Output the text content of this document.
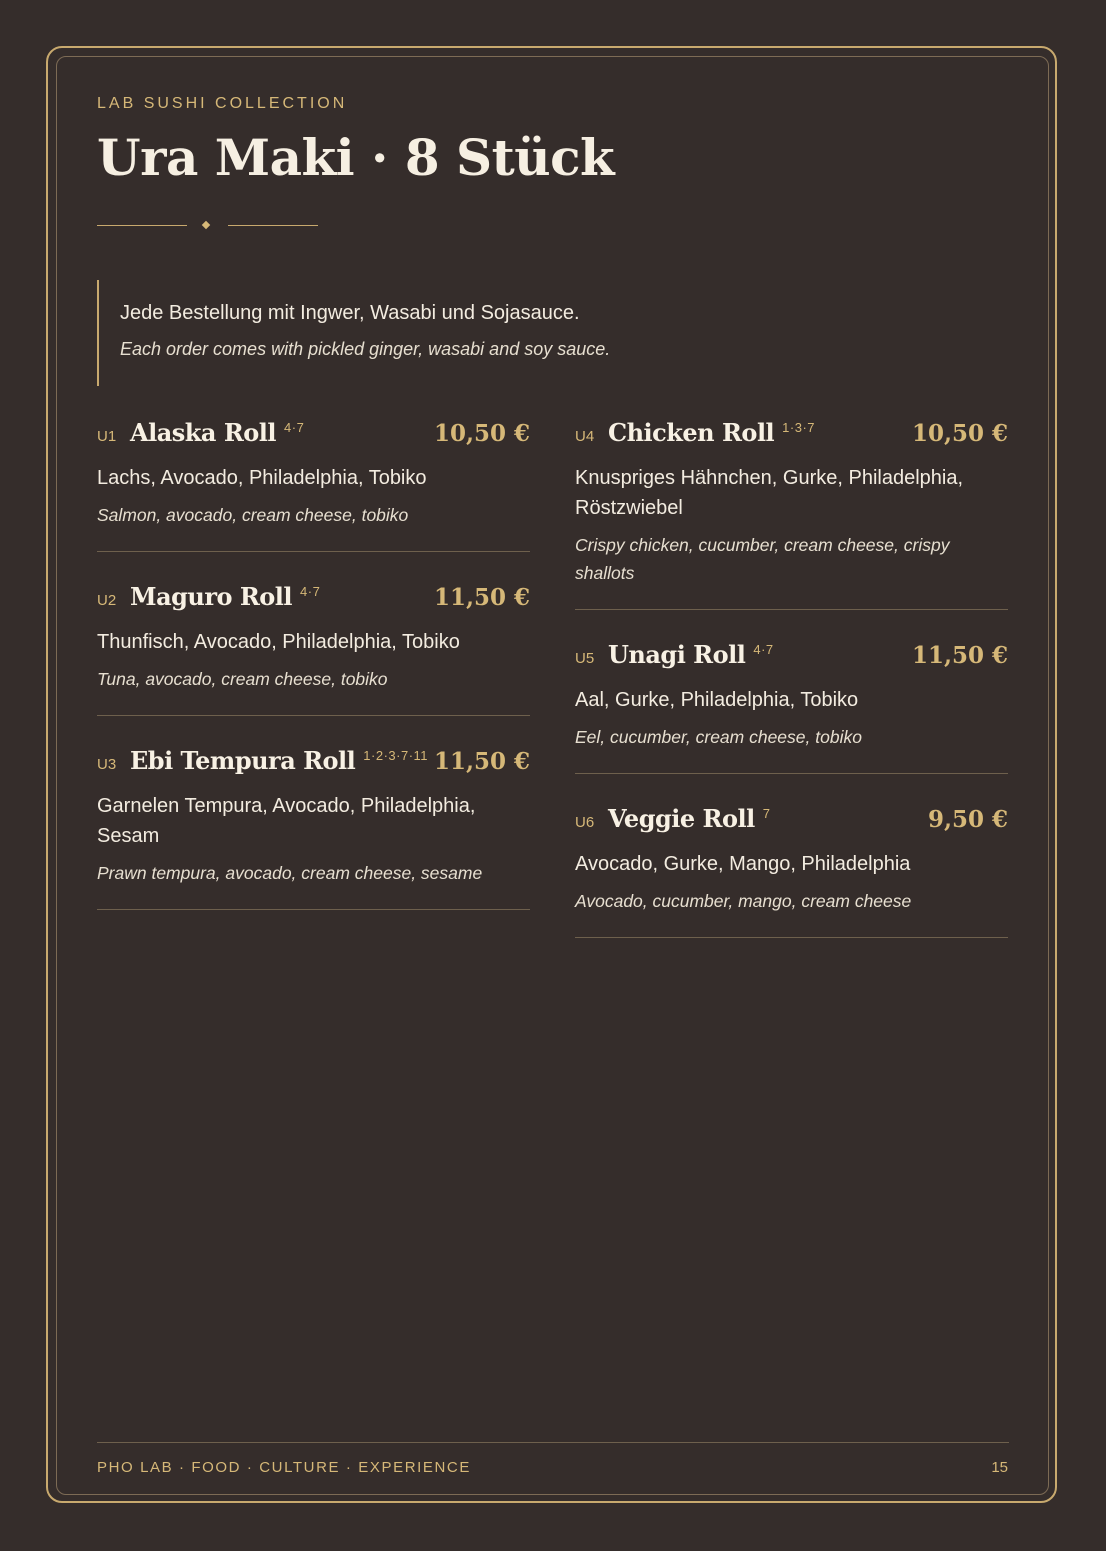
LAB SUSHI COLLECTION
Ura Maki · 8 Stück
Jede Bestellung mit Ingwer, Wasabi und Sojasauce.
Each order comes with pickled ginger, wasabi and soy sauce.
U1 Alaska Roll 4·7	10,50 €
Lachs, Avocado, Philadelphia, Tobiko
Salmon, avocado, cream cheese, tobiko
U2 Maguro Roll 4·7	11,50 €
Thunfisch, Avocado, Philadelphia, Tobiko
Tuna, avocado, cream cheese, tobiko
U3 Ebi Tempura Roll 1·2·3·7·11 11,50 €
Garnelen Tempura, Avocado, Philadelphia, Sesam
Prawn tempura, avocado, cream cheese, sesame
U4 Chicken Roll 1·3·7	10,50 €
Knuspriges Hähnchen, Gurke, Philadelphia, Röstzwiebel
Crispy chicken, cucumber, cream cheese, crispy shallots
U5 Unagi Roll 4·7	11,50 €
Aal, Gurke, Philadelphia, Tobiko
Eel, cucumber, cream cheese, tobiko
U6 Veggie Roll 7	9,50 €
Avocado, Gurke, Mango, Philadelphia
Avocado, cucumber, mango, cream cheese
PHO LAB · FOOD · CULTURE · EXPERIENCE	15
